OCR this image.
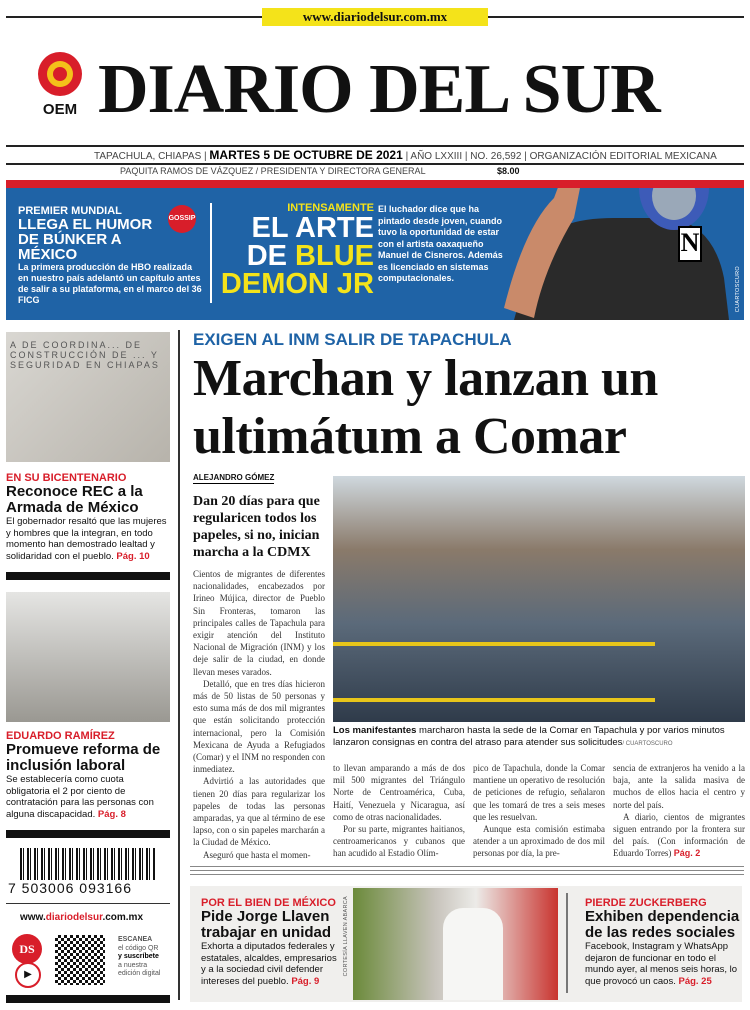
www.diariodelsur.com.mx
OEM DIARIO DEL SUR
TAPACHULA, CHIAPAS | MARTES 5 DE OCTUBRE DE 2021 | AÑO LXXIII | NO. 26,592 | ORGANIZACIÓN EDITORIAL MEXICANA
PAQUITA RAMOS DE VÁZQUEZ / PRESIDENTA Y DIRECTORA GENERAL	$8.00
PREMIER MUNDIAL
LLEGA EL HUMOR DE BÚNKER A MÉXICO
La primera producción de HBO realizada en nuestro país adelantó un capítulo antes de salir a su plataforma, en el marco del 36 FICG
GOSSIP
INTENSAMENTE
EL ARTE
DE BLUE
DEMON JR
El luchador dice que ha pintado desde joven, cuando tuvo la oportunidad de estar con el artista oaxaqueño Manuel de Cisneros. Además es licenciado en sistemas computacionales.
N
CUARTOSCURO
A DE COORDINA... DE CONSTRUCCIÓN DE ... Y SEGURIDAD EN CHIAPAS
EN SU BICENTENARIO
Reconoce REC a la Armada de México
El gobernador resaltó que las mujeres y hombres que la integran, en todo momento han demostrado lealtad y solidaridad con el pueblo. Pág. 10
EDUARDO RAMÍREZ
Promueve reforma de inclusión laboral
Se establecería como cuota obligatoria el 2 por ciento de contratación para las personas con alguna discapacidad. Pág. 8
7 503006 093166
www.diariodelsur.com.mx
DS
▶
ESCANEA
el código QR
y suscríbete
a nuestra edición digital
EXIGEN AL INM SALIR DE TAPACHULA
Marchan y lanzan un ultimátum a Comar
ALEJANDRO GÓMEZ
Dan 20 días para que regularicen todos los papeles, si no, inician marcha a la CDMX

Cientos de migrantes de diferentes nacionalidades, encabezados por Irineo Mújica, director de Pueblo Sin Fronteras, tomaron las principales calles de Tapachula para exigir atención del Instituto Nacional de Migración (INM) y los deje salir de la ciudad, en donde llevan meses varados.

Detalló, que en tres días hicieron más de 50 listas de 50 personas y esto suma más de dos mil migrantes que están solicitando protección internacional, pero la Comisión Mexicana de Ayuda a Refugiados (Comar) y el INM no responden con inmediatez.

Advirtió a las autoridades que tienen 20 días para regularizar los papeles de todas las personas amparadas, ya que al término de ese lapso, con o sin papeles marcharán a la Ciudad de México.

Aseguró que hasta el momen-

Los manifestantes marcharon hasta la sede de la Comar en Tapachula y por varios minutos lanzaron consignas en contra del atraso para atender sus solicitudes/ CUARTOSCURO

to llevan amparando a más de dos mil 500 migrantes del Triángulo Norte de Centroamérica, Cuba, Haití, Venezuela y Nicaragua, así como de otras nacionalidades.

Por su parte, migrantes haitianos, centroamericanos y cubanos que han acudido al Estadio Olím-

pico de Tapachula, donde la Comar mantiene un operativo de resolución de peticiones de refugio, señalaron que les tomará de tres a seis meses que les resuelvan.

Aunque esta comisión estimaba atender a un aproximado de dos mil personas por día, la pre-

sencia de extranjeros ha venido a la baja, ante la salida masiva de muchos de ellos hacia el centro y norte del país.

A diario, cientos de migrantes siguen entrando por la frontera sur del país. (Con información de Eduardo Torres) Pág. 2

POR EL BIEN DE MÉXICO
Pide Jorge Llaven trabajar en unidad
Exhorta a diputados federales y estatales, alcaldes, empresarios y a la sociedad civil defender intereses del pueblo. Pág. 9
CORTESÍA LLAVEN ABARCA	PIERDE ZUCKERBERG
Exhiben dependencia de las redes sociales
Facebook, Instagram y WhatsApp dejaron de funcionar en todo el mundo ayer, al menos seis horas, lo que provocó un caos. Pág. 25
